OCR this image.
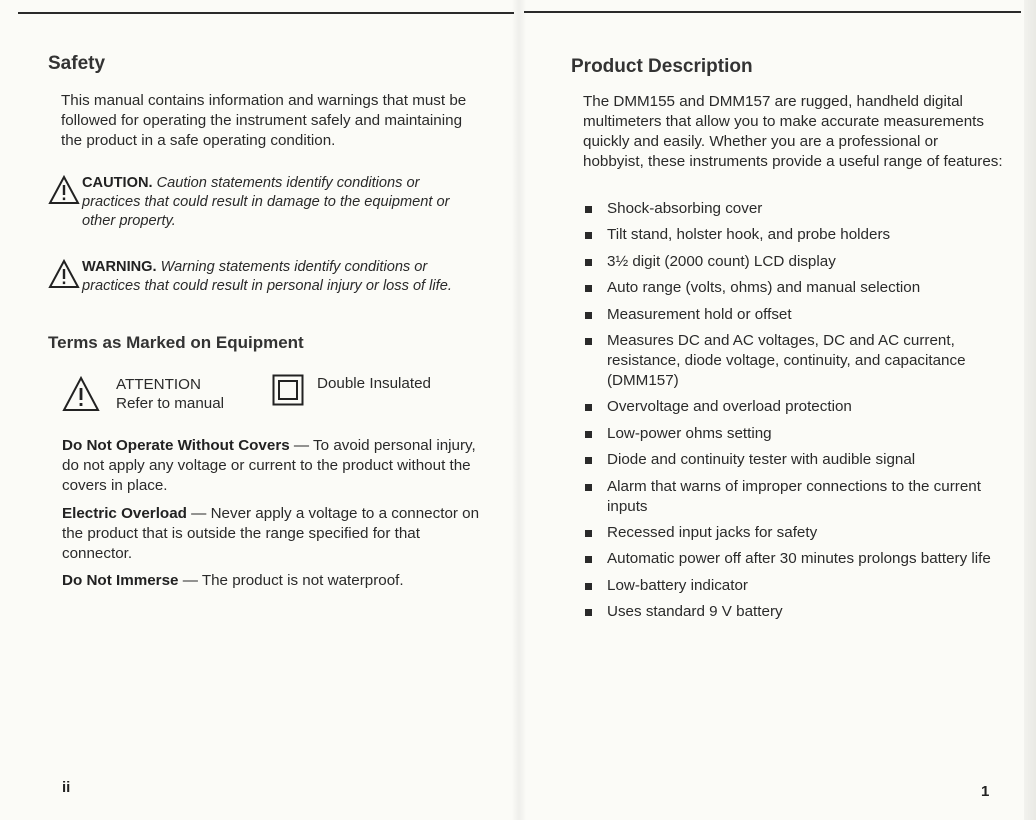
Safety
This manual contains information and warnings that must be followed for operating the instrument safely and maintaining the product in a safe operating condition.
CAUTION. Caution statements identify conditions or practices that could result in damage to the equipment or other property.
WARNING. Warning statements identify conditions or practices that could result in personal injury or loss of life.
Terms as Marked on Equipment
ATTENTION
Refer to manual
Double Insulated
Do Not Operate Without Covers — To avoid personal injury, do not apply any voltage or current to the product without the covers in place.
Electric Overload — Never apply a voltage to a connector on the product that is outside the range specified for that connector.
Do Not Immerse — The product is not waterproof.
ii
Product Description
The DMM155 and DMM157 are rugged, handheld digital multimeters that allow you to make accurate measurements quickly and easily. Whether you are a professional or hobbyist, these instruments provide a useful range of features:
Shock-absorbing cover
Tilt stand, holster hook, and probe holders
3½ digit (2000 count) LCD display
Auto range (volts, ohms) and manual selection
Measurement hold or offset
Measures DC and AC voltages, DC and AC current, resistance, diode voltage, continuity, and capacitance (DMM157)
Overvoltage and overload protection
Low-power ohms setting
Diode and continuity tester with audible signal
Alarm that warns of improper connections to the current inputs
Recessed input jacks for safety
Automatic power off after 30 minutes prolongs battery life
Low-battery indicator
Uses standard 9 V battery
1
